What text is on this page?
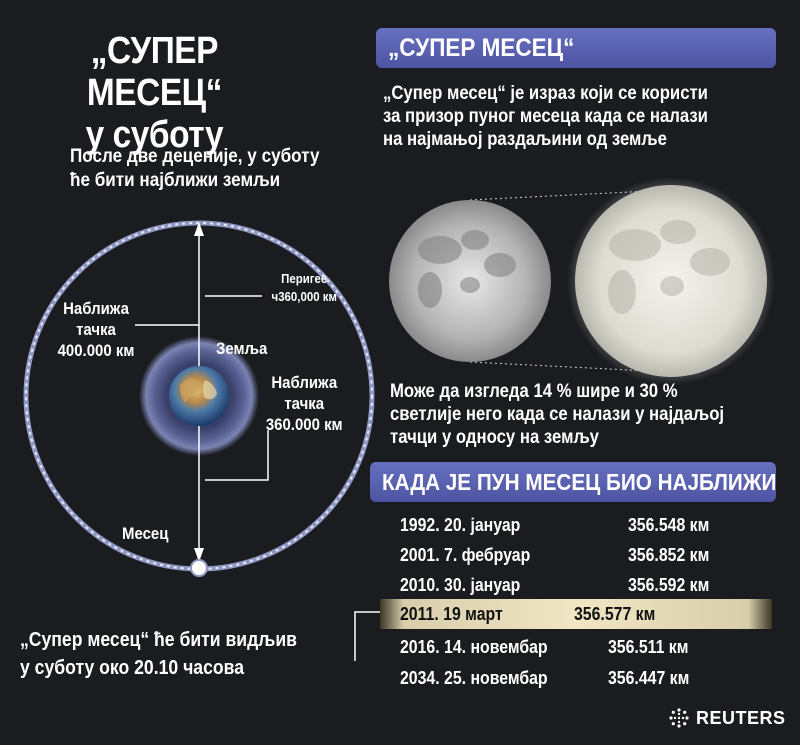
„СУПЕР МЕСЕЦ“
у суботу
После две деценије, у суботу
ће бити најближи земљи
Наближа
тачка
400.000 км
Перигее
ч360,000 км
Земља
Наближа
тачка
360.000 км
Месец
„СУПЕР МЕСЕЦ“
„Супер месец“ је израз који се користи
за призор пуног месеца када се налази
на најмањој раздаљини од земље
Може да изгледа 14 % шире и 30 %
светлије него када се налази у најдаљој
тачци у односу на земљу
КАДА ЈЕ ПУН МЕСЕЦ БИО НАЈБЛИЖИ
1992. 20. јануар	356.548 км
2001. 7. фебруар	356.852 км
2010. 30. јануар	356.592 км
2011. 19 март	356.577 км
2016. 14. новембар	356.511 км
2034. 25. новембар	356.447 км
„Супер месец“ ће бити видљив
у суботу око 20.10 часова
REUTERS
